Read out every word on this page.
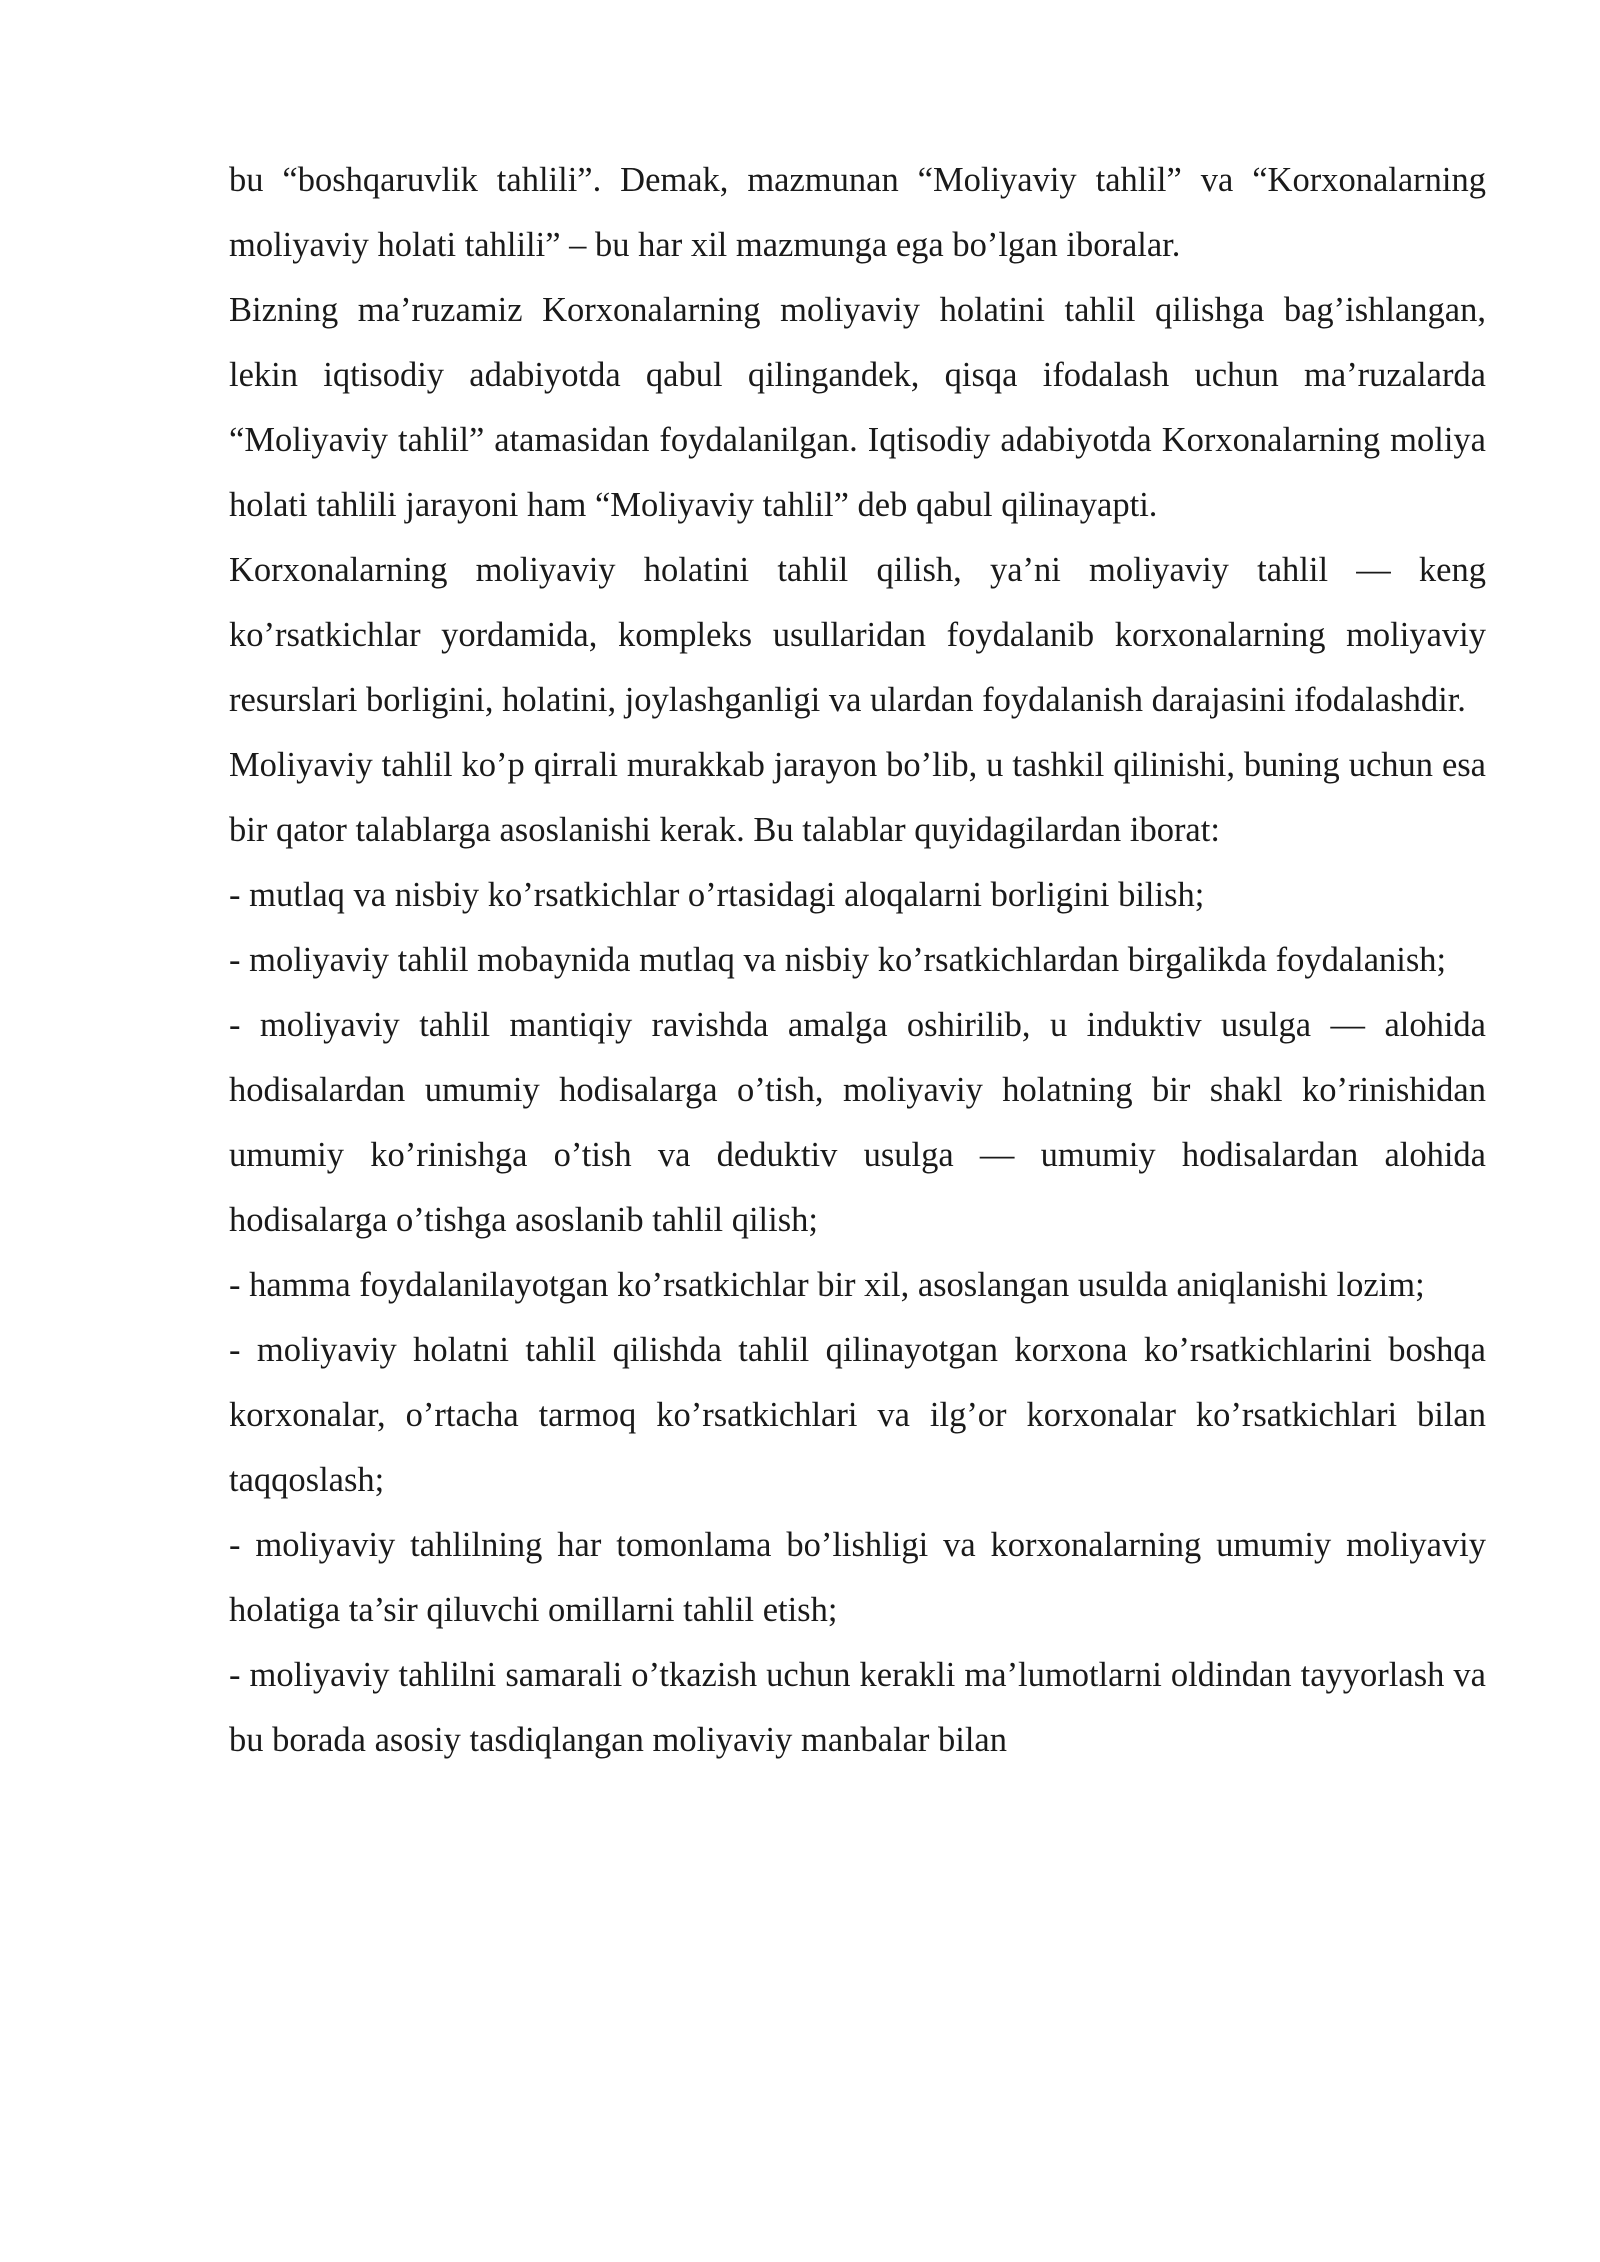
bu “boshqaruvlik tahlili”. Demak, mazmunan “Moliyaviy tahlil” va “Korxonalarning moliyaviy holati tahlili” – bu har xil mazmunga ega bo’lgan iboralar.

Bizning ma’ruzamiz Korxonalarning moliyaviy holatini tahlil qilishga bag’ishlangan, lekin iqtisodiy adabiyotda qabul qilingandek, qisqa ifodalash uchun ma’ruzalarda “Moliyaviy tahlil” atamasidan foydalanilgan. Iqtisodiy adabiyotda Korxonalarning moliya holati tahlili jarayoni ham “Moliyaviy tahlil” deb qabul qilinayapti.

Korxonalarning moliyaviy holatini tahlil qilish, ya’ni moliyaviy tahlil — keng ko’rsatkichlar yordamida, kompleks usullaridan foydalanib korxonalarning moliyaviy resurslari borligini, holatini, joylashganligi va ulardan foydalanish darajasini ifodalashdir.

Moliyaviy tahlil ko’p qirrali murakkab jarayon bo’lib, u tashkil qilinishi, buning uchun esa bir qator talablarga asoslanishi kerak. Bu talablar quyidagilardan iborat:

- mutlaq va nisbiy ko’rsatkichlar o’rtasidagi aloqalarni borligini bilish;

- moliyaviy tahlil mobaynida mutlaq va nisbiy ko’rsatkichlardan birgalikda foydalanish;

- moliyaviy tahlil mantiqiy ravishda amalga oshirilib, u induktiv usulga — alohida hodisalardan umumiy hodisalarga o’tish, moliyaviy holatning bir shakl ko’rinishidan umumiy ko’rinishga o’tish va deduktiv usulga — umumiy hodisalardan alohida hodisalarga o’tishga asoslanib tahlil qilish;

- hamma foydalanilayotgan ko’rsatkichlar bir xil, asoslangan usulda aniqlanishi lozim;

- moliyaviy holatni tahlil qilishda tahlil qilinayotgan korxona ko’rsatkichlarini boshqa korxonalar, o’rtacha tarmoq ko’rsatkichlari va ilg’or korxonalar ko’rsatkichlari bilan taqqoslash;

- moliyaviy tahlilning har tomonlama bo’lishligi va korxonalarning umumiy moliyaviy holatiga ta’sir qiluvchi omillarni tahlil etish;

- moliyaviy tahlilni samarali o’tkazish uchun kerakli ma’lumotlarni oldindan tayyorlash va bu borada asosiy tasdiqlangan moliyaviy manbalar bilan
